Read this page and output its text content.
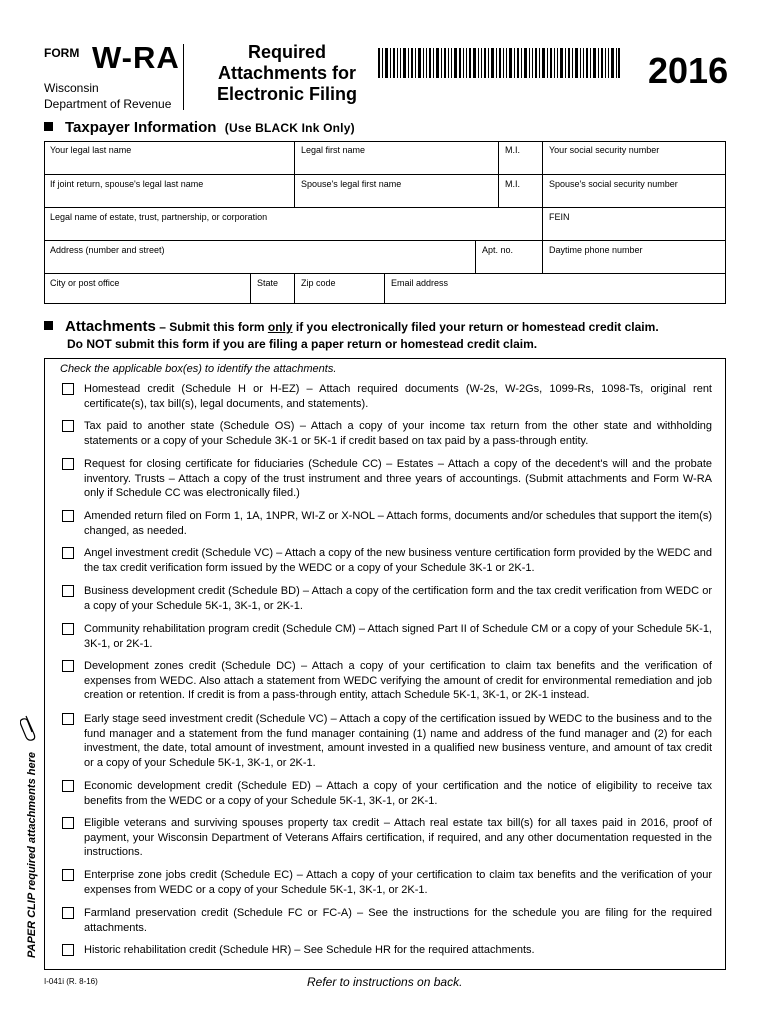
FORM W-RA
Wisconsin
Department of Revenue
Required
Attachments for
Electronic Filing
2016
Taxpayer Information (Use BLACK Ink Only)
Your legal last name	Legal first name	M.I.	Your social security number
If joint return, spouse's legal last name	Spouse's legal first name	M.I.	Spouse's social security number
Legal name of estate, trust, partnership, or corporation	FEIN
Address (number and street)	Apt. no.	Daytime phone number
City or post office	State	Zip code	Email address
Attachments – Submit this form only if you electronically filed your return or homestead credit claim.
Do NOT submit this form if you are filing a paper return or homestead credit claim.
Check the applicable box(es) to identify the attachments.
Homestead credit (Schedule H or H-EZ) – Attach required documents (W-2s, W-2Gs, 1099-Rs, 1098-Ts, original rent certificate(s), tax bill(s), legal documents, and statements).
Tax paid to another state (Schedule OS) – Attach a copy of your income tax return from the other state and withholding statements or a copy of your Schedule 3K-1 or 5K-1 if credit based on tax paid by a pass-through entity.
Request for closing certificate for fiduciaries (Schedule CC) – Estates – Attach a copy of the decedent's will and the probate inventory. Trusts – Attach a copy of the trust instrument and three years of accountings. (Submit attachments and Form W-RA only if Schedule CC was electronically filed.)
Amended return filed on Form 1, 1A, 1NPR, WI-Z or X-NOL – Attach forms, documents and/or schedules that support the item(s) changed, as needed.
Angel investment credit (Schedule VC) – Attach a copy of the new business venture certification form provided by the WEDC and the tax credit verification form issued by the WEDC or a copy of your Schedule 3K-1 or 2K-1.
Business development credit (Schedule BD) – Attach a copy of the certification form and the tax credit verification from WEDC or a copy of your Schedule 5K-1, 3K-1, or 2K-1.
Community rehabilitation program credit (Schedule CM) – Attach signed Part II of Schedule CM or a copy of your Schedule 5K-1, 3K-1, or 2K-1.
Development zones credit (Schedule DC) – Attach a copy of your certification to claim tax benefits and the verification of expenses from WEDC. Also attach a statement from WEDC verifying the amount of credit for environmental remediation and job creation or retention. If credit is from a pass-through entity, attach Schedule 5K-1, 3K-1, or 2K-1 instead.
Early stage seed investment credit (Schedule VC) – Attach a copy of the certification issued by WEDC to the business and to the fund manager and a statement from the fund manager containing (1) name and address of the fund manager and (2) for each investment, the date, total amount of investment, amount invested in a qualified new business venture, and amount of tax credit or a copy of your Schedule 5K-1, 3K-1, or 2K-1.
Economic development credit (Schedule ED) – Attach a copy of your certification and the notice of eligibility to receive tax benefits from the WEDC or a copy of your Schedule 5K-1, 3K-1, or 2K-1.
Eligible veterans and surviving spouses property tax credit – Attach real estate tax bill(s) for all taxes paid in 2016, proof of payment, your Wisconsin Department of Veterans Affairs certification, if required, and any other documentation requested in the instructions.
Enterprise zone jobs credit (Schedule EC) – Attach a copy of your certification to claim tax benefits and the verification of your expenses from WEDC or a copy of your Schedule 5K-1, 3K-1, or 2K-1.
Farmland preservation credit (Schedule FC or FC-A) – See the instructions for the schedule you are filing for the required attachments.
Historic rehabilitation credit (Schedule HR) – See Schedule HR for the required attachments.
PAPER CLIP required attachments here
I-041i (R. 8-16)	Refer to instructions on back.
